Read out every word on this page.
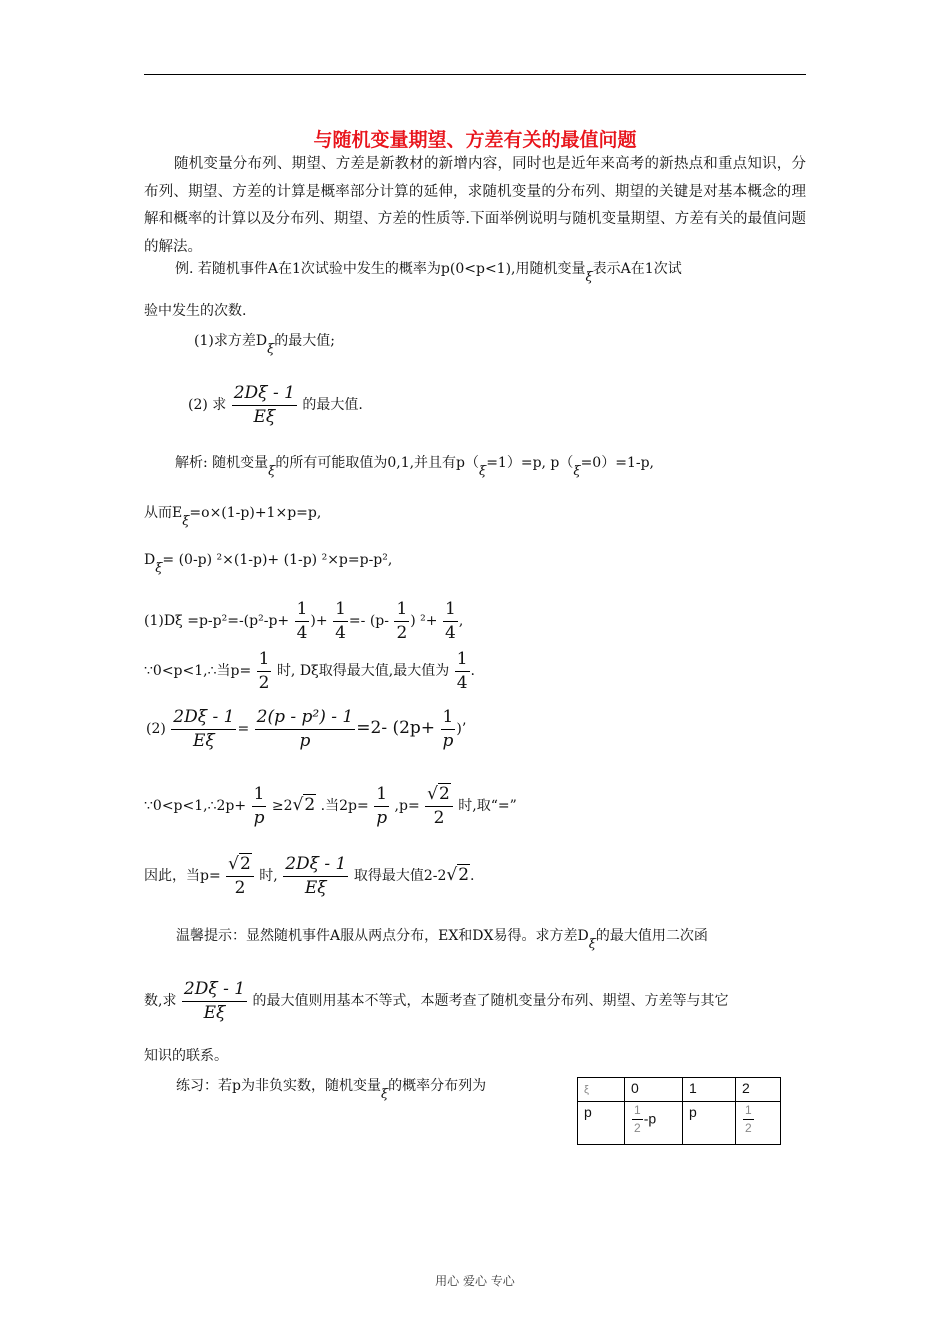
与随机变量期望、方差有关的最值问题
随机变量分布列、期望、方差是新教材的新增内容，同时也是近年来高考的新热点和重点知识，分布列、期望、方差的计算是概率部分计算的延伸，求随机变量的分布列、期望的关键是对基本概念的理解和概率的计算以及分布列、期望、方差的性质等.下面举例说明与随机变量期望、方差有关的最值问题的解法。
例. 若随机事件A在1次试验中发生的概率为p(0<p<1),用随机变量ξ表示A在1次试
验中发生的次数.
(1)求方差Dξ的最大值;
(2) 求 $\frac{2D\xi - 1}{E\xi}$ 的最大值.
解析: 随机变量ξ的所有可能取值为0,1,并且有p（ξ=1）=p, p（ξ=0）=1-p,
从而Eξ=o×(1-p)+1×p=p,
Dξ= (0-p) ²×(1-p)+ (1-p) ²×p=p-p²,
$(1)D\xi =p-p^2=-(p^2-p+ \frac{1}{4}$ )+ $\frac{1}{4} =- (p- \frac{1}{2}$ ) $^2+ \frac{1}{4}$ ,
∵0<p<1,∴当$p= \frac{1}{2}$ 时, Dξ取得最大值,最大值为 $\frac{1}{4}$ .
$(2) \frac{2D\xi - 1}{E\xi} = \frac{\text{2(p - p²) - 1}}{p} =2-$ ($2p+ \frac{1}{p}$ )’
∵0<p<1,∴2p+ $\frac{1}{p} \ge 2√2$ .当$2p= \frac{1}{p} ,p= \frac{√2}{2}$ 时,取“=”
因此，当$p= \frac{√2}{2}$ 时, $\frac{2D\xi - 1}{E\xi}$ 取得最大值2-2√2.
温馨提示：显然随机事件A服从两点分布，EX和DX易得。求方差Dξ的最大值用二次函
数,求 $\frac{2D\xi - 1}{E\xi}$ 的最大值则用基本不等式，本题考查了随机变量分布列、期望、方差等与其它
知识的联系。
练习：若p为非负实数，随机变量ξ的概率分布列为	ξ	0	1	2
p	$\frac{1}{2} -p$	p	$\frac{1}{2}$
用心 爱心 专心
